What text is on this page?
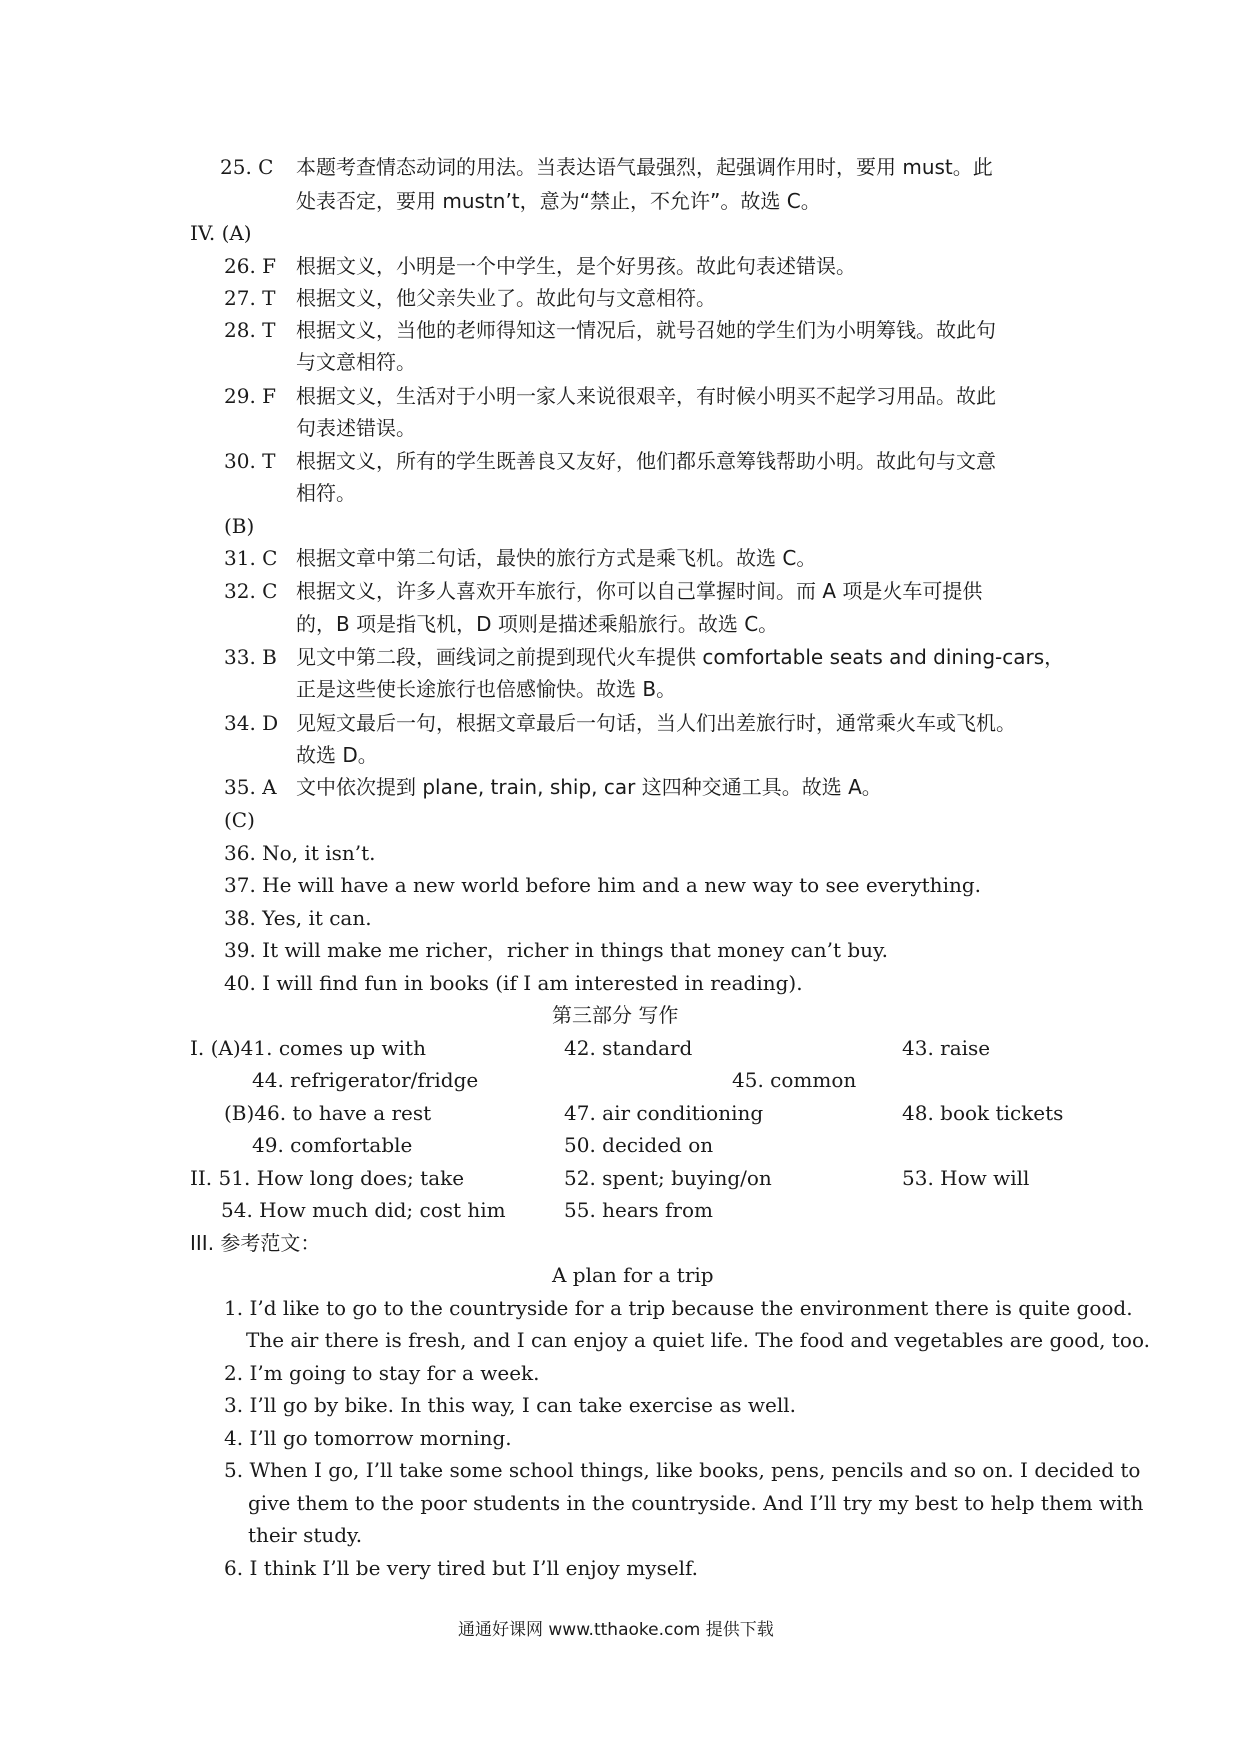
25. C 本题考查情态动词的用法。当表达语气最强烈，起强调作用时，要用 must。此
处表否定，要用 mustn’t，意为“禁止，不允许”。故选 C。
IV. (A)
26. F 根据文义，小明是一个中学生，是个好男孩。故此句表述错误。
27. T 根据文义，他父亲失业了。故此句与文意相符。
28. T 根据文义，当他的老师得知这一情况后，就号召她的学生们为小明筹钱。故此句
与文意相符。
29. F 根据文义，生活对于小明一家人来说很艰辛，有时候小明买不起学习用品。故此
句表述错误。
30. T 根据文义，所有的学生既善良又友好，他们都乐意筹钱帮助小明。故此句与文意
相符。
(B)
31. C 根据文章中第二句话，最快的旅行方式是乘飞机。故选 C。
32. C 根据文义，许多人喜欢开车旅行，你可以自己掌握时间。而 A 项是火车可提供
的，B 项是指飞机，D 项则是描述乘船旅行。故选 C。
33. B 见文中第二段，画线词之前提到现代火车提供 comfortable seats and dining-cars，
正是这些使长途旅行也倍感愉快。故选 B。
34. D 见短文最后一句，根据文章最后一句话，当人们出差旅行时，通常乘火车或飞机。
故选 D。
35. A 文中依次提到 plane, train, ship, car 这四种交通工具。故选 A。
(C)
36. No, it isn’t.
37. He will have a new world before him and a new way to see everything.
38. Yes, it can.
39. It will make me richer，richer in things that money can’t buy.
40. I will find fun in books (if I am interested in reading).
第三部分 写作
I. (A)41. comes up with	42. standard	43. raise
44. refrigerator/fridge	45. common
(B)46. to have a rest	47. air conditioning	48. book tickets
49. comfortable	50. decided on
II. 51. How long does; take	52. spent; buying/on	53. How will
54. How much did; cost him	55. hears from
III. 参考范文：
A plan for a trip
1. I’d like to go to the countryside for a trip because the environment there is quite good.
The air there is fresh, and I can enjoy a quiet life. The food and vegetables are good, too.
2. I’m going to stay for a week.
3. I’ll go by bike. In this way, I can take exercise as well.
4. I’ll go tomorrow morning.
5. When I go, I’ll take some school things, like books, pens, pencils and so on. I decided to
give them to the poor students in the countryside. And I’ll try my best to help them with
their study.
6. I think I’ll be very tired but I’ll enjoy myself.
通通好课网 www.tthaoke.com 提供下载
